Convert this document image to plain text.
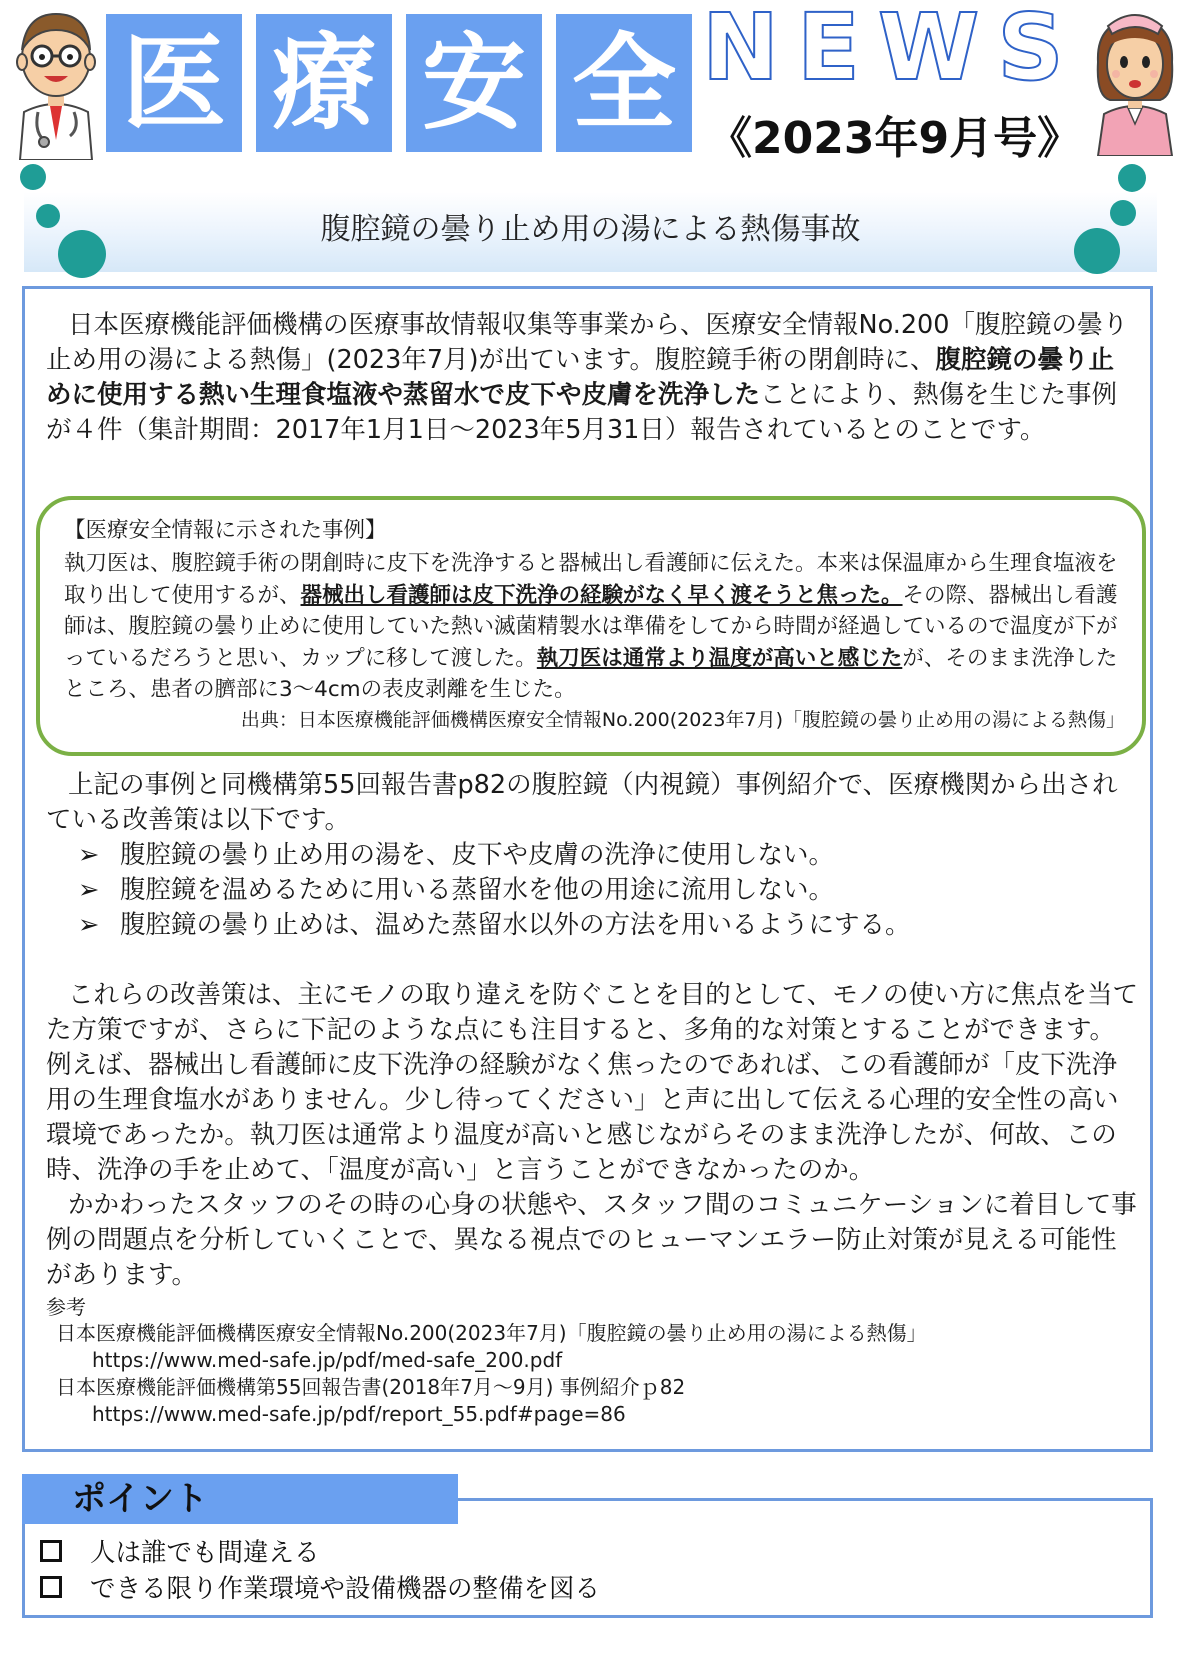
医 療 安 全 NEWS
《2023年9月号》
腹腔鏡の曇り止め用の湯による熱傷事故
日本医療機能評価機構の医療事故情報収集等事業から、医療安全情報No.200「腹腔鏡の曇り止め用の湯による熱傷」(2023年7月)が出ています。腹腔鏡手術の閉創時に、腹腔鏡の曇り止めに使用する熱い生理食塩液や蒸留水で皮下や皮膚を洗浄したことにより、熱傷を生じた事例が４件（集計期間：2017年1月1日〜2023年5月31日）報告されているとのことです。
【医療安全情報に示された事例】
執刀医は、腹腔鏡手術の閉創時に皮下を洗浄すると器械出し看護師に伝えた。本来は保温庫から生理食塩液を取り出して使用するが、器械出し看護師は皮下洗浄の経験がなく早く渡そうと焦った。その際、器械出し看護師は、腹腔鏡の曇り止めに使用していた熱い滅菌精製水は準備をしてから時間が経過しているので温度が下がっているだろうと思い、カップに移して渡した。執刀医は通常より温度が高いと感じたが、そのまま洗浄したところ、患者の臍部に3〜4cmの表皮剥離を生じた。
出典：日本医療機能評価機構医療安全情報No.200(2023年7月)「腹腔鏡の曇り止め用の湯による熱傷」
上記の事例と同機構第55回報告書p82の腹腔鏡（内視鏡）事例紹介で、医療機関から出されている改善策は以下です。
➢ 腹腔鏡の曇り止め用の湯を、皮下や皮膚の洗浄に使用しない。
➢ 腹腔鏡を温めるために用いる蒸留水を他の用途に流用しない。
➢ 腹腔鏡の曇り止めは、温めた蒸留水以外の方法を用いるようにする。
これらの改善策は、主にモノの取り違えを防ぐことを目的として、モノの使い方に焦点を当てた方策ですが、さらに下記のような点にも注目すると、多角的な対策とすることができます。
例えば、器械出し看護師に皮下洗浄の経験がなく焦ったのであれば、この看護師が「皮下洗浄用の生理食塩水がありません。少し待ってください」と声に出して伝える心理的安全性の高い環境であったか。執刀医は通常より温度が高いと感じながらそのまま洗浄したが、何故、この時、洗浄の手を止めて、「温度が高い」と言うことができなかったのか。
かかわったスタッフのその時の心身の状態や、スタッフ間のコミュニケーションに着目して事例の問題点を分析していくことで、異なる視点でのヒューマンエラー防止対策が見える可能性があります。
参考
日本医療機能評価機構医療安全情報No.200(2023年7月)「腹腔鏡の曇り止め用の湯による熱傷」
https://www.med-safe.jp/pdf/med-safe_200.pdf
日本医療機能評価機構第55回報告書(2018年7月〜9月) 事例紹介ｐ82
https://www.med-safe.jp/pdf/report_55.pdf#page=86
ポイント
人は誰でも間違える
できる限り作業環境や設備機器の整備を図る
